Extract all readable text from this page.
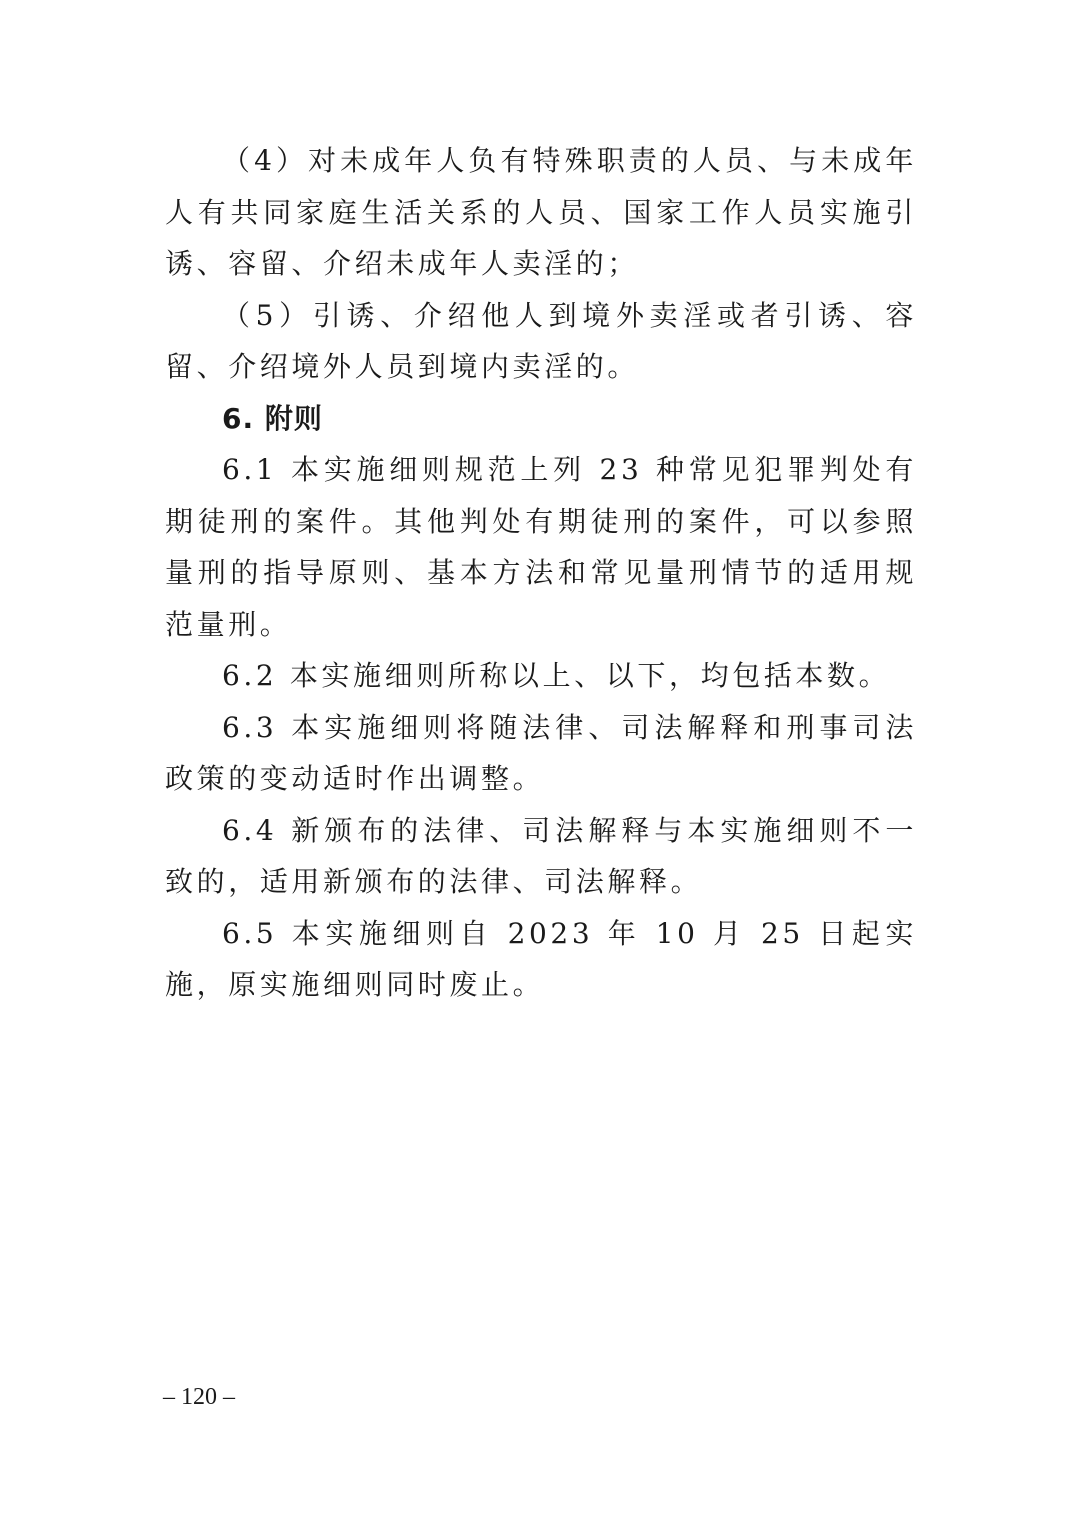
（4）对未成年人负有特殊职责的人员、与未成年人有共同家庭生活关系的人员、国家工作人员实施引诱、容留、介绍未成年人卖淫的；

（5）引诱、介绍他人到境外卖淫或者引诱、容留、介绍境外人员到境内卖淫的。

6. 附则

6.1 本实施细则规范上列 23 种常见犯罪判处有期徒刑的案件。其他判处有期徒刑的案件，可以参照量刑的指导原则、基本方法和常见量刑情节的适用规范量刑。

6.2 本实施细则所称以上、以下，均包括本数。

6.3 本实施细则将随法律、司法解释和刑事司法政策的变动适时作出调整。

6.4 新颁布的法律、司法解释与本实施细则不一致的，适用新颁布的法律、司法解释。

6.5 本实施细则自 2023 年 10 月 25 日起实施，原实施细则同时废止。

– 120 –
